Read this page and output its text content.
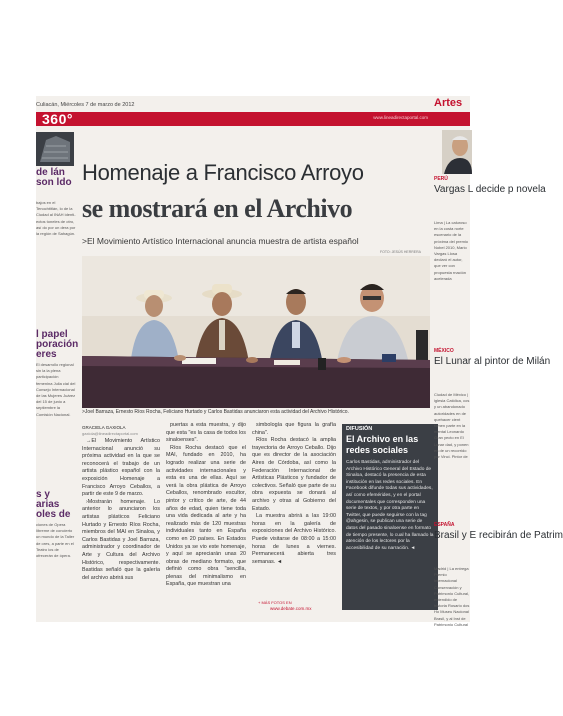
Culiacán, Miércoles 7 de marzo de 2012	Artes
360°	www.lineadirectaportal.com
de lán son ldo
bajos en el Tenochtitlán, lo de la Ciudad al INAH identi- ectos toneles de otro, así do por un dera por la región de Sahagún.
l papel poración eres
El desarrollo regional sin la la plena participación femenina Julia cial del Consejo Internacional de las Mujeres Juárez del 15 de junio a septiembre la Comisión Nacional.
s y arias oles de
ciones de Opera líbreme de concierto un mundo de la Taller de ores, a parte en el Teatro ios de ofrecerán de ópera.
Homenaje a Francisco Arroyo
se mostrará en el Archivo
>El Movimiento Artístico Internacional anuncia muestra de artista español
FOTO: JESÚS HERRERA
>Joel Barraza, Ernesto Ríos Rocha, Feliciano Hurtado y Carlos Bastidas anunciaron esta actividad del Archivo Histórico.
GRACIELA GAXIOLA
gaxiola@lineadirectaportal.com

→El Movimiento Artístico Internacional anunció su próxima actividad en la que se reconocerá el trabajo de un artista plástico español con la exposición Homenaje a Francisco Arroyo Ceballos, a partir de este 9 de marzo.

›Mostrarán homenaje. Lo anterior lo anunciaron los artistas plásticos Feliciano Hurtado y Ernesto Ríos Rocha, miembros del MAI en Sinaloa, y Carlos Bastidas y Joel Barraza, administrador y coordinador de Arte y Cultura del Archivo Histórico, respectivamente. Bastidas señaló que la galería del archivo abrirá sus

puertas a esta muestra, y dijo que esta "es la casa de todos los sinaloenses".

Ríos Rocha destacó que el MAI, fundado en 2010, ha logrado realizar una serie de actividades internacionales y esta es una de ellas. Aquí se verá la obra plástica de Arroyo Ceballos, renombrado escultor, pintor y crítico de arte, de 44 años de edad, quien tiene toda una vida dedicada al arte y ha realizado más de 120 muestras individuales tanto en España como en 20 países. En Estados Unidos ya se vio este homenaje, y aquí se apreciarán unas 20 obras de mediano formato, que definió como obra "sencilla, plenas del minimalismo en España, que muestran una

simbología que figura la grafía china".

Ríos Rocha destacó la amplia trayectoria de Arroyo Ceballo. Dijo que es director de la asociación Aires de Córdoba, así como la Federación Internacional de Artísticas Plásticos y fundador de colectivos. Señaló que parte de su obra expuesta se donará al archivo y otras al Gobierno del Estado.

La muestra abrirá a las 19:00 horas en la galería de exposiciones del Archivo Histórico. Puede visitarse de 08:00 a 15:00 horas de lunes a viernes. Permanecerá abierta tres semanas. ◄

+ MÁS FOTOS EN
www.debate.com.mx
DIFUSIÓN
El Archivo en las redes sociales
Carlos Bastidas, administrador del Archivo Histórico General del Estado de Sinaloa, destacó la presencia de esta institución en las redes sociales. En Facebook difunde todas sus actividades, así como efemérides, y en el portal documentales que corresponden una serie de textos, y por otra parte en Twitter, que puede seguirse con la tag @ahgesin, se publican una serie de datos del pasado sinaloense en formato de tiempo presente, lo cual ha llamado la atención de los lectores por la accesibilidad de su narración. ◄
PERÚ
Vargas L decide p novela
Lima | La caluroso en la costa norte escenario de la próxima del premio Nobel 2010, Mario Vargas Llosa declaró el autor, que ver con propuesta rnación acelerada
MÉXICO
El Lunar al pintor de Milán
Ciudad de México | iglesia Católica, cos y un abandonado autoridades en de quehacer cient tomen parte en la mental Leonardo Gran yecto en El Lunar dad, y ponen en de un recorrido por Vinci. Pintor de
ESPAÑA
Brasil y E recibirán de Patrim
Madrid | La entrega Premio Internacional Conservación y Patrimonio Cultural, entendido de historia Rosario dos Ho Museu Nacional Brasil, y al Inst de Patrimonio Cultural
